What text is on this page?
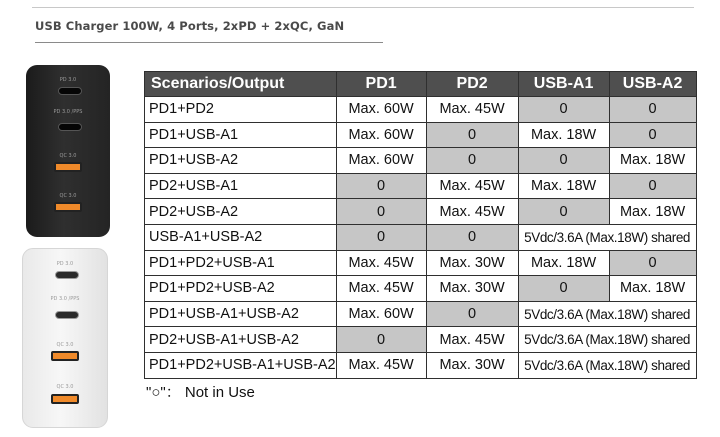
USB Charger 100W, 4 Ports, 2xPD + 2xQC, GaN
PD 3.0
PD 3.0 /PPS
QC 3.0
QC 3.0
PD 3.0
PD 3.0 /PPS
QC 3.0
QC 3.0
Scenarios/Output	PD1	PD2	USB-A1	USB-A2
PD1+PD2	Max. 60W	Max. 45W	0	0
PD1+USB-A1	Max. 60W	0	Max. 18W	0
PD1+USB-A2	Max. 60W	0	0	Max. 18W
PD2+USB-A1	0	Max. 45W	Max. 18W	0
PD2+USB-A2	0	Max. 45W	0	Max. 18W
USB-A1+USB-A2	0	0	5Vdc/3.6A (Max.18W) shared	
PD1+PD2+USB-A1	Max. 45W	Max. 30W	Max. 18W	0
PD1+PD2+USB-A2	Max. 45W	Max. 30W	0	Max. 18W
PD1+USB-A1+USB-A2	Max. 60W	0	5Vdc/3.6A (Max.18W) shared	
PD2+USB-A1+USB-A2	0	Max. 45W	5Vdc/3.6A (Max.18W) shared	
PD1+PD2+USB-A1+USB-A2	Max. 45W	Max. 30W	5Vdc/3.6A (Max.18W) shared	
"○"： Not in Use
